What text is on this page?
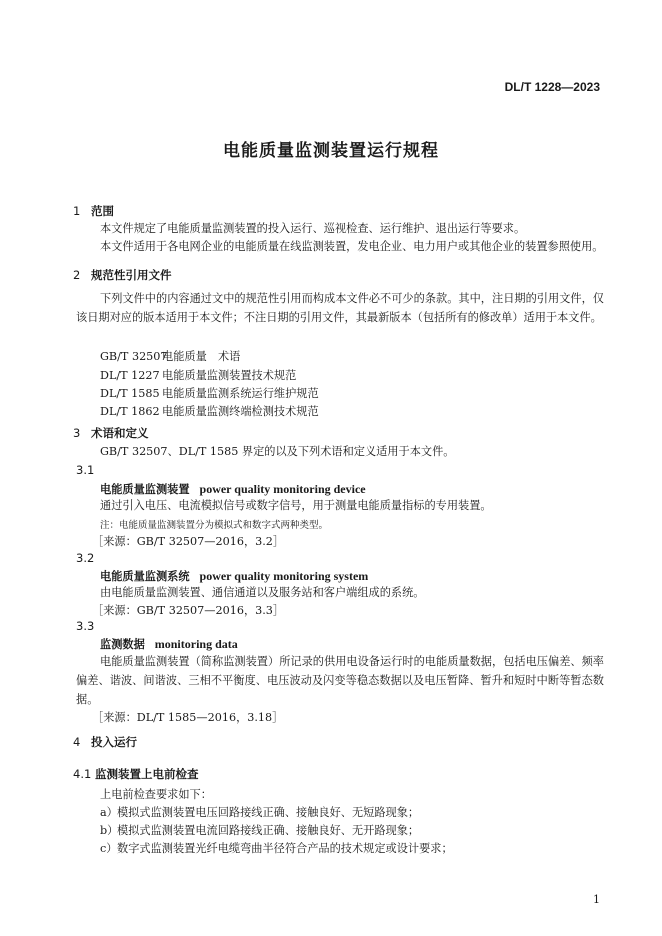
DL/T 1228—2023
电能质量监测装置运行规程
1 范围
本文件规定了电能质量监测装置的投入运行、巡视检查、运行维护、退出运行等要求。
本文件适用于各电网企业的电能质量在线监测装置，发电企业、电力用户或其他企业的装置参照使用。
2 规范性引用文件
下列文件中的内容通过文中的规范性引用而构成本文件必不可少的条款。其中，注日期的引用文件，仅该日期对应的版本适用于本文件；不注日期的引用文件，其最新版本（包括所有的修改单）适用于本文件。
GB/T 32507电能质量　术语
DL/T 1227 电能质量监测装置技术规范
DL/T 1585 电能质量监测系统运行维护规范
DL/T 1862 电能质量监测终端检测技术规范
3 术语和定义
GB/T 32507、DL/T 1585 界定的以及下列术语和定义适用于本文件。
3.1
电能质量监测装置 power quality monitoring device
通过引入电压、电流模拟信号或数字信号，用于测量电能质量指标的专用装置。
注：电能质量监测装置分为模拟式和数字式两种类型。
［来源：GB/T 32507—2016，3.2］
3.2
电能质量监测系统 power quality monitoring system
由电能质量监测装置、通信通道以及服务站和客户端组成的系统。
［来源：GB/T 32507—2016，3.3］
3.3
监测数据 monitoring data
电能质量监测装置（简称监测装置）所记录的供用电设备运行时的电能质量数据，包括电压偏差、频率偏差、谐波、间谐波、三相不平衡度、电压波动及闪变等稳态数据以及电压暂降、暂升和短时中断等暂态数据。
［来源：DL/T 1585—2016，3.18］
4 投入运行
4.1 监测装置上电前检查
上电前检查要求如下：
a）模拟式监测装置电压回路接线正确、接触良好、无短路现象；
b）模拟式监测装置电流回路接线正确、接触良好、无开路现象；
c）数字式监测装置光纤电缆弯曲半径符合产品的技术规定或设计要求；
1
